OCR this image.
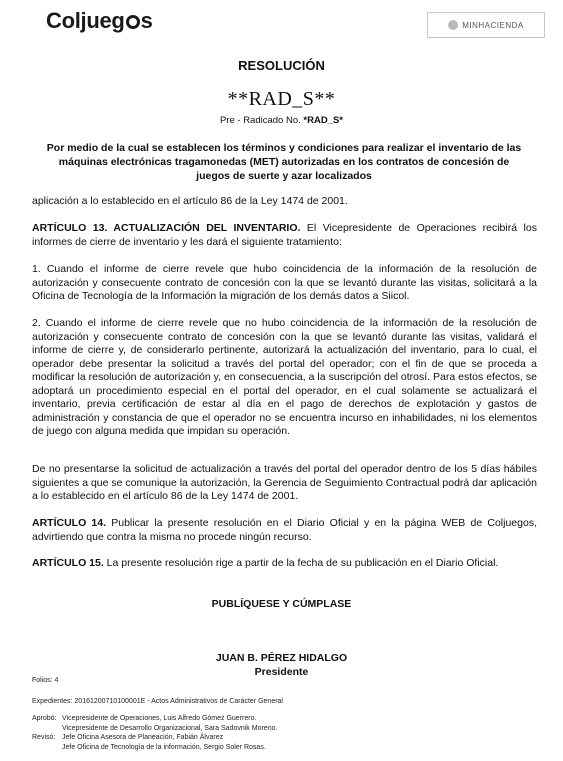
Coljueg s	MINHACIENDA
RESOLUCIÓN
**RAD_S**
Pre - Radicado No. *RAD_S*
Por medio de la cual se establecen los términos y condiciones para realizar el inventario de las máquinas electrónicas tragamonedas (MET) autorizadas en los contratos de concesión de juegos de suerte y azar localizados
aplicación a lo establecido en el artículo 86 de la Ley 1474 de 2001.
ARTÍCULO 13. ACTUALIZACIÓN DEL INVENTARIO. El Vicepresidente de Operaciones recibirá los informes de cierre de inventario y les dará el siguiente tratamiento:
1. Cuando el informe de cierre revele que hubo coincidencia de la información de la resolución de autorización y consecuente contrato de concesión con la que se levantó durante las visitas, solicitará a la Oficina de Tecnología de la Información la migración de los demás datos a Siicol.
2. Cuando el informe de cierre revele que no hubo coincidencia de la información de la resolución de autorización y consecuente contrato de concesión con la que se levantó durante las visitas, validará el informe de cierre y, de considerarlo pertinente, autorizará la actualización del inventario, para lo cual, el operador debe presentar la solicitud a través del portal del operador; con el fin de que se proceda a modificar la resolución de autorización y, en consecuencia, a la suscripción del otrosí. Para estos efectos, se adoptará un procedimiento especial en el portal del operador, en el cual solamente se actualizará el inventario, previa certificación de estar al día en el pago de derechos de explotación y gastos de administración y constancia de que el operador no se encuentra incurso en inhabilidades, ni los elementos de juego con alguna medida que impidan su operación.
De no presentarse la solicitud de actualización a través del portal del operador dentro de los 5 días hábiles siguientes a que se comunique la autorización, la Gerencia de Seguimiento Contractual podrá dar aplicación a lo establecido en el artículo 86 de la Ley 1474 de 2001.
ARTÍCULO 14. Publicar la presente resolución en el Diario Oficial y en la página WEB de Coljuegos, advirtiendo que contra la misma no procede ningún recurso.
ARTÍCULO 15. La presente resolución rige a partir de la fecha de su publicación en el Diario Oficial.
PUBLÍQUESE Y CÚMPLASE
JUAN B. PÉREZ HIDALGO
Presidente
Folios: 4
Expedientes: 20161200710100001E - Actos Administrativos de Carácter General
Aprobó: Vicepresidente de Operaciones, Luis Alfredo Gómez Guerrero.
Vicepresidente de Desarrollo Organizacional, Sara Sadovnik Moreno.
Revisó: Jefe Oficina Asesora de Planeación, Fabián Álvarez
Jefe Oficina de Tecnología de la información, Sergio Soler Rosas.
